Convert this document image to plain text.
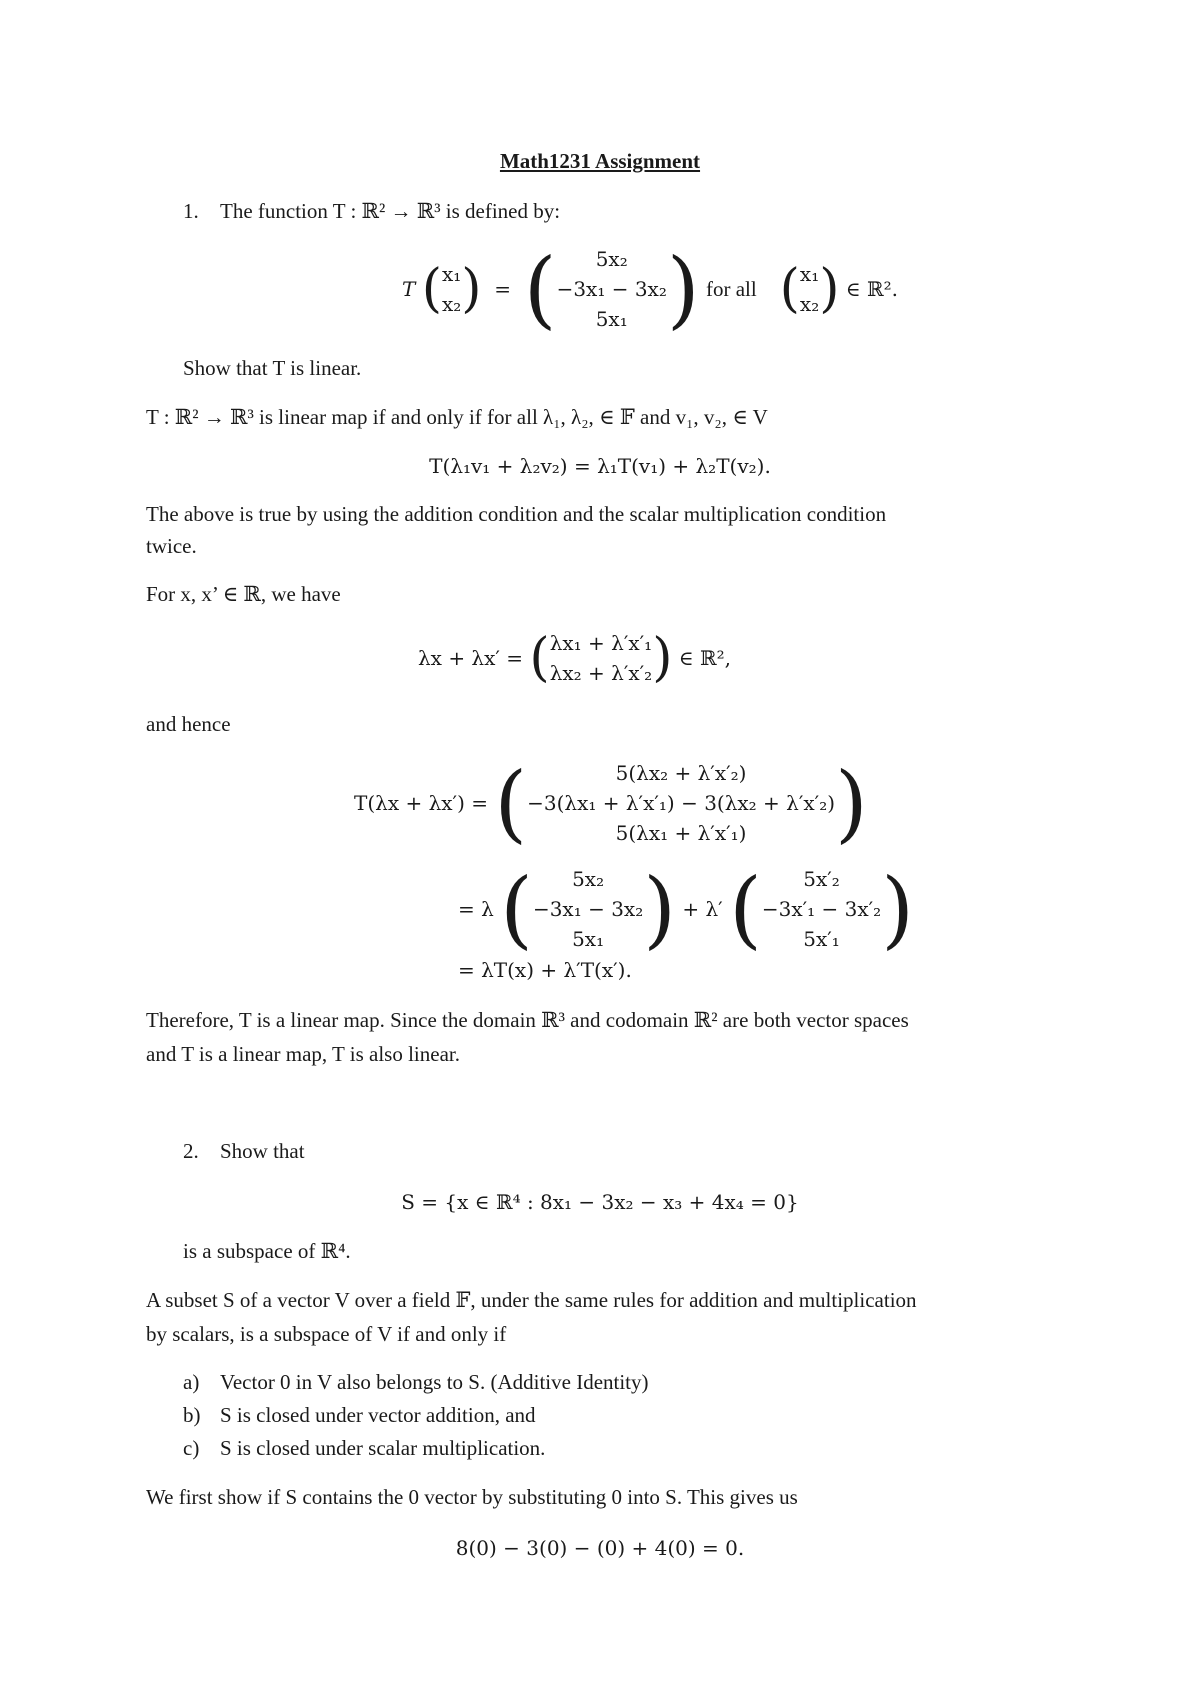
Math1231 Assignment
1. The function T : ℝ² → ℝ³ is defined by:
T ( x₁
x₂ )  =  (	5x₂
−3x₁ − 3x₂
5x₁ ) for all  ( x₁
x₂ ) ∈ ℝ².
Show that T is linear.
T : ℝ² → ℝ³ is linear map if and only if for all λ₁, λ₂, ∈ 𝔽 and v₁, v₂, ∈ V
T(λ₁v₁ + λ₂v₂) = λ₁T(v₁) + λ₂T(v₂).
The above is true by using the addition condition and the scalar multiplication condition
twice.
For x, x’ ∈ ℝ, we have
λx + λx′ = ( λx₁ + λ′x′₁
λx₂ + λ′x′₂ ) ∈ ℝ²,
and hence
T(λx + λx′) = (	5(λx₂ + λ′x′₂)
−3(λx₁ + λ′x′₁) − 3(λx₂ + λ′x′₂)
5(λx₁ + λ′x′₁)	)
= λ (	5x₂
−3x₁ − 3x₂
5x₁ ) + λ′ (	5x′₂
−3x′₁ − 3x′₂
5x′₁ )
= λT(x) + λ′T(x′).
Therefore, T is a linear map. Since the domain ℝ³ and codomain ℝ² are both vector spaces
and T is a linear map, T is also linear.
2. Show that
S = {x ∈ ℝ⁴ : 8x₁ − 3x₂ − x₃ + 4x₄ = 0}
is a subspace of ℝ⁴.
A subset S of a vector V over a field 𝔽, under the same rules for addition and multiplication
by scalars, is a subspace of V if and only if
a) Vector 0 in V also belongs to S. (Additive Identity)
b) S is closed under vector addition, and
c) S is closed under scalar multiplication.
We first show if S contains the 0 vector by substituting 0 into S. This gives us
8(0) − 3(0) − (0) + 4(0) = 0.
